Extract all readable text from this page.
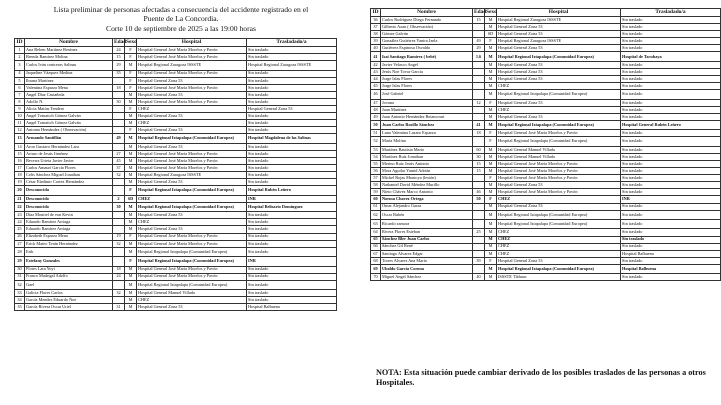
Lista preliminar de personas afectadas a consecuencia del accidente registrado en el
Puente de La Concordia.
Corte 10 de septiembre de 2025 a las 19:00 horas
ID	Nombre	Edad	Sexo	Hospital	Trasladado/a
1	Ana Belem Martínez Resénez	24	F	Hospital General José María Morelos y Pavón	Sin traslado
2	Brenda Ramírez Molina	15	F	Hospital General José María Morelos y Pavón	Sin traslado
3	Carlos Iván contreras Salinas	29	M	Hospital Regional Zaragoza ISSSTE	Hospital Regional Zaragoza ISSSTE
4	Jaqueline Vázquez Medina	35	F	Hospital General José María Morelos y Pavón	Sin traslado
5	Ibrana Martínez		F	Hospital General Zona 53	Sin traslado
6	Valentina Esparza Mena	18	F	Hospital General José María Morelos y Pavón	Sin traslado
7	Angel Díaz Castañeda		M	Hospital General Zona 53	Sin traslado
8	Adolfo N.	30	M	Hospital General José María Morelos y Pavón	Sin traslado
9	Alicia Matías Tendero		F	CHEZ	Hospital General Zona 53
10	Angel Tomatich Gómez Galván		M	Hospital General Zona 53	Sin traslado
11	Angel Tomatich Gómez Galván		M	CHEZ	Sin traslado
12	Antonia Hernández ( Observación)		F	Hospital General Zona 53	Sin traslado
13	Armando Santillán	49	M	Hospital Regional Iztapalapa (Comunidad Europea)	Hospital Magdalena de las Salinas
14	Aron Gustavo Hernández Lara		M	Hospital General Zona 53	Sin traslado
15	Arturo de Jesús Jiménez	27	M	Hospital General José María Morelos y Pavón	Sin traslado
16	Becerra Urieta Javier Javier	45	M	Hospital General José María Morelos y Pavón	Sin traslado
17	Carlos Amauri García Flores	37	M	Hospital General José María Morelos y Pavón	Sin traslado
18	Celis Sánchez Miguel Jonathan	32	M	Hospital Regional Zaragoza ISSSTE	Sin traslado
19	César Eladimir Cortez Hernández		M	Hospital General Zona 53	Sin traslado
20	Desconocida		F	Hospital Regional Iztapalapa (Comunidad Europea)	Hospital Rubén Leñero
21	Desconocido	2	SD	CHEZ	INR
22	Desconocido	30	M	Hospital Regional Iztapalapa (Comunidad Europea)	Hospital Belisario Domínguez
23	Díaz Montiel de eon Kevin		M	Hospital General Zona 53	Sin traslado
24	Eduardo Ramírez Arriaga		M	CHEZ	Sin traslado
25	Eduardo Ramírez Arriaga		M	Hospital General Zona 53	Sin traslado
26	Elizabeth Esparza Mena	19	F	Hospital General José María Morelos y Pavón	Sin traslado
27	Erick Mateo Terán Hernández	32	M	Hospital General José María Morelos y Pavón	Sin traslado
28	Erik		M	Hospital Regional Iztapalapa (Comunidad Europea)	Sin traslado
29	Estefany Gonzales		F	Hospital Regional Iztapalapa (Comunidad Europea)	INR
30	Flores Lara Yoyi	18	M	Hospital General José María Morelos y Pavón	Sin traslado
31	Franco Madrigal Adolfo	24	M	Hospital General José María Morelos y Pavón	Sin traslado
32	Gael		M	Hospital Regional Iztapalapa (Comunidad Europea)	Sin traslado
33	Galicia Flores Carlos	32	M	Hospital General Manuel Villada	Sin traslado
34	García Mendez Eduardo Noe		M	CHEZ	Sin traslado
35	García Rivera Oscar Uriel	31	M	Hospital General Zona 53	Hospital Balbuena
ID	Nombre	Edad	Sexo	Hospital	Trasladado/a
36	Carlos Rodríguez Diego Fernando	15	M	Hospital Regional Zaragoza ISSSTE	Sin traslado
37	Gilberto Azan ( Observación)		M	Hospital General Zona 53	Sin traslado
38	Gómez Galván		SD	Hospital General Zona 53	Sin traslado
39	González Gutiérrez Yanira Jaela	49	F	Hospital Regional Zaragoza ISSSTE	Sin traslado
40	Gutiérrez Espinosa Osvaldo	29	M	Hospital General Zona 53	Sin traslado
41	Isai Santiago Ramírez ( bebé)	1.6	M	Hospital Regional Iztapalapa (Comunidad Europea)	Hospital de Tacubaya
42	Javier Velasco Angel		M	Hospital General Zona 53	Sin traslado
43	Jesús Noe Tovar García		M	Hospital General Zona 53	Sin traslado
44	Jorge Islas Flores		M	Hospital General Zona 53	Sin traslado
45	Jorge Islas Flores		M	CHEZ	Sin traslado
46	José Gabriel		M	Hospital Regional Iztapalapa (Comunidad Europea)	Sin traslado
47	Jovana	12	F	Hospital General Zona 53	Sin traslado
48	Juan Martínez		M	CHEZ	Sin traslado
49	Juan Antonio Hernández Betancourt		M	Hospital General Zona 53	Sin traslado
50	Juan Carlos Rosillo Sánchez	41	M	Hospital Regional Iztapalapa (Comunidad Europea)	Hospital General Rubén Leñero
51	Luna Valentina Lazaro Esparza	18	F	Hospital General José María Morelos y Pavón	Sin traslado
52	María Molina		F	Hospital Regional Iztapalapa (Comunidad Europea)	Sin traslado
53	Martínez Bautista Mario	60	M	Hospital General Manuel Villada	Sin traslado
54	Martínez Ruíz Jonathan	30	M	Hospital General Manuel Villada	Sin traslado
55	Merino Ruíz Jesús Antonio	15	M	Hospital General José María Morelos y Pavón	Sin traslado
56	Mora Aguilar Yamid Adrián	15	M	Hospital General José María Morelos y Pavón	Sin traslado
57	Michel Rojas Montoya (lesión)		F	Hospital General José María Morelos y Pavón	Sin traslado
58	Nathaniel David Méndez Murillo		M	Hospital General Zona 53	Sin traslado
59	Nieto Chávez Marco Antonio	46	M	Hospital General José María Morelos y Pavón	Sin traslado
60	Norma Chavez Ortega	50	F	CHEZ	INR
61	Omar Alejandro Garza		M	Hospital General Zona 53	Sin traslado
62	Oscar Rubén		M	Hospital Regional Iztapalapa (Comunidad Europea)	Sin traslado
63	Ricardo zamora		M	Hospital Regional Iztapalapa (Comunidad Europea)	Sin traslado
64	Rivera Flores Esteban	25	M	CHEZ	Sin traslado
65	Sánchez Bler Juan Carlos		M	CHEZ	Sin traslado
66	Sánchez Gil René		M	CHEZ	Sin traslado
67	Santiago Alvarez Edgar		M	CHEZ	Hospital Balbuena
68	Torres Alvarez Ana María	39	F	Hospital General Zona 53	Sin traslado
69	Ubaldo García Corona		M	Hospital Regional Iztapalapa (Comunidad Europea)	Hospital Balbuena
70	Miguel Angel Sánchez	40	M	ISSSTE Tláhuac	Sin traslado
NOTA: Esta situación puede cambiar derivado de los posibles traslados de las personas a otros Hospitales.
